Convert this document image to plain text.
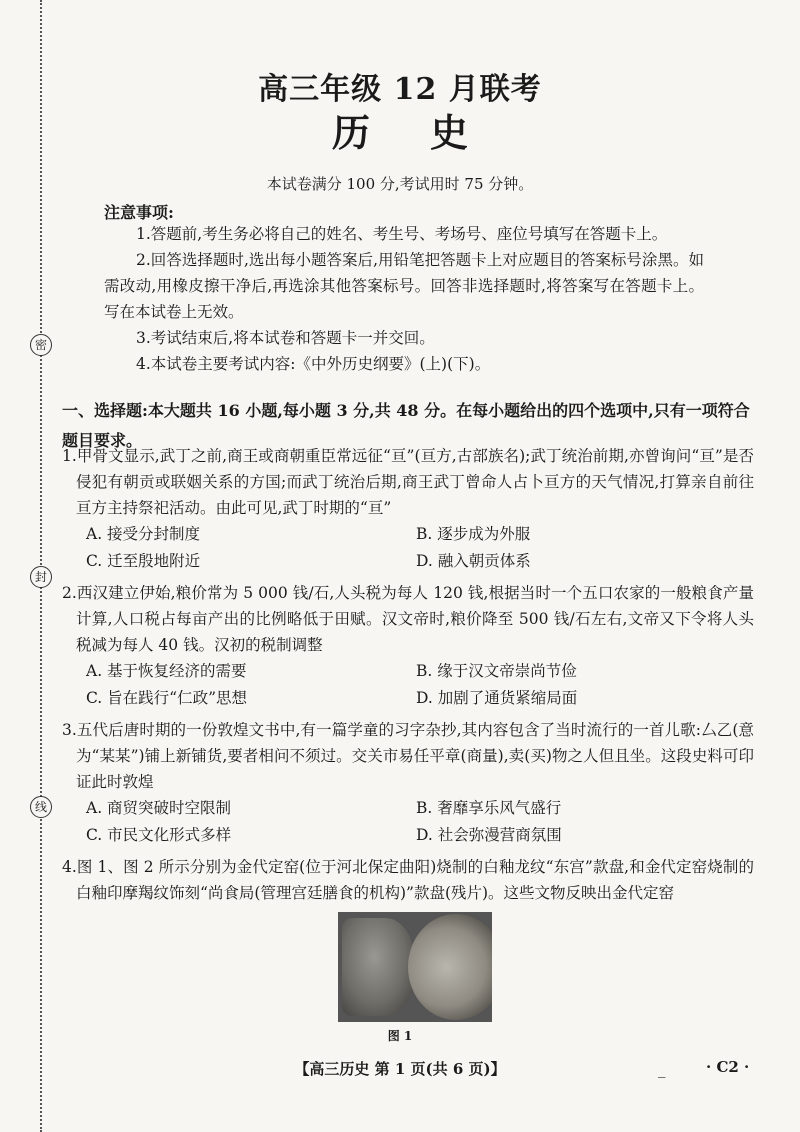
密
封
线
高三年级 12 月联考
历史
本试卷满分 100 分,考试用时 75 分钟。
注意事项:

1.答题前,考生务必将自己的姓名、考生号、考场号、座位号填写在答题卡上。

2.回答选择题时,选出每小题答案后,用铅笔把答题卡上对应题目的答案标号涂黑。如需改动,用橡皮擦干净后,再选涂其他答案标号。回答非选择题时,将答案写在答题卡上。写在本试卷上无效。

3.考试结束后,将本试卷和答题卡一并交回。

4.本试卷主要考试内容:《中外历史纲要》(上)(下)。

一、选择题:本大题共 16 小题,每小题 3 分,共 48 分。在每小题给出的四个选项中,只有一项符合题目要求。
1.甲骨文显示,武丁之前,商王或商朝重臣常远征“亘”(亘方,古部族名);武丁统治前期,亦曾询问“亘”是否侵犯有朝贡或联姻关系的方国;而武丁统治后期,商王武丁曾命人占卜亘方的天气情况,打算亲自前往亘方主持祭祀活动。由此可见,武丁时期的“亘”
A. 接受分封制度	B. 逐步成为外服
C. 迁至殷地附近	D. 融入朝贡体系
2.西汉建立伊始,粮价常为 5 000 钱/石,人头税为每人 120 钱,根据当时一个五口农家的一般粮食产量计算,人口税占每亩产出的比例略低于田赋。汉文帝时,粮价降至 500 钱/石左右,文帝又下令将人头税减为每人 40 钱。汉初的税制调整
A. 基于恢复经济的需要	B. 缘于汉文帝崇尚节俭
C. 旨在践行“仁政”思想	D. 加剧了通货紧缩局面
3.五代后唐时期的一份敦煌文书中,有一篇学童的习字杂抄,其内容包含了当时流行的一首儿歌:厶乙(意为“某某”)铺上新铺货,要者相问不须过。交关市易任平章(商量),卖(买)物之人但且坐。这段史料可印证此时敦煌
A. 商贸突破时空限制	B. 奢靡享乐风气盛行
C. 市民文化形式多样	D. 社会弥漫营商氛围
4.图 1、图 2 所示分别为金代定窑(位于河北保定曲阳)烧制的白釉龙纹“东宫”款盘,和金代定窑烧制的白釉印摩羯纹饰刻“尚食局(管理宫廷膳食的机构)”款盘(残片)。这些文物反映出金代定窑
图 1
【高三历史 第 1 页(共 6 页)】	_	· C2 ·
